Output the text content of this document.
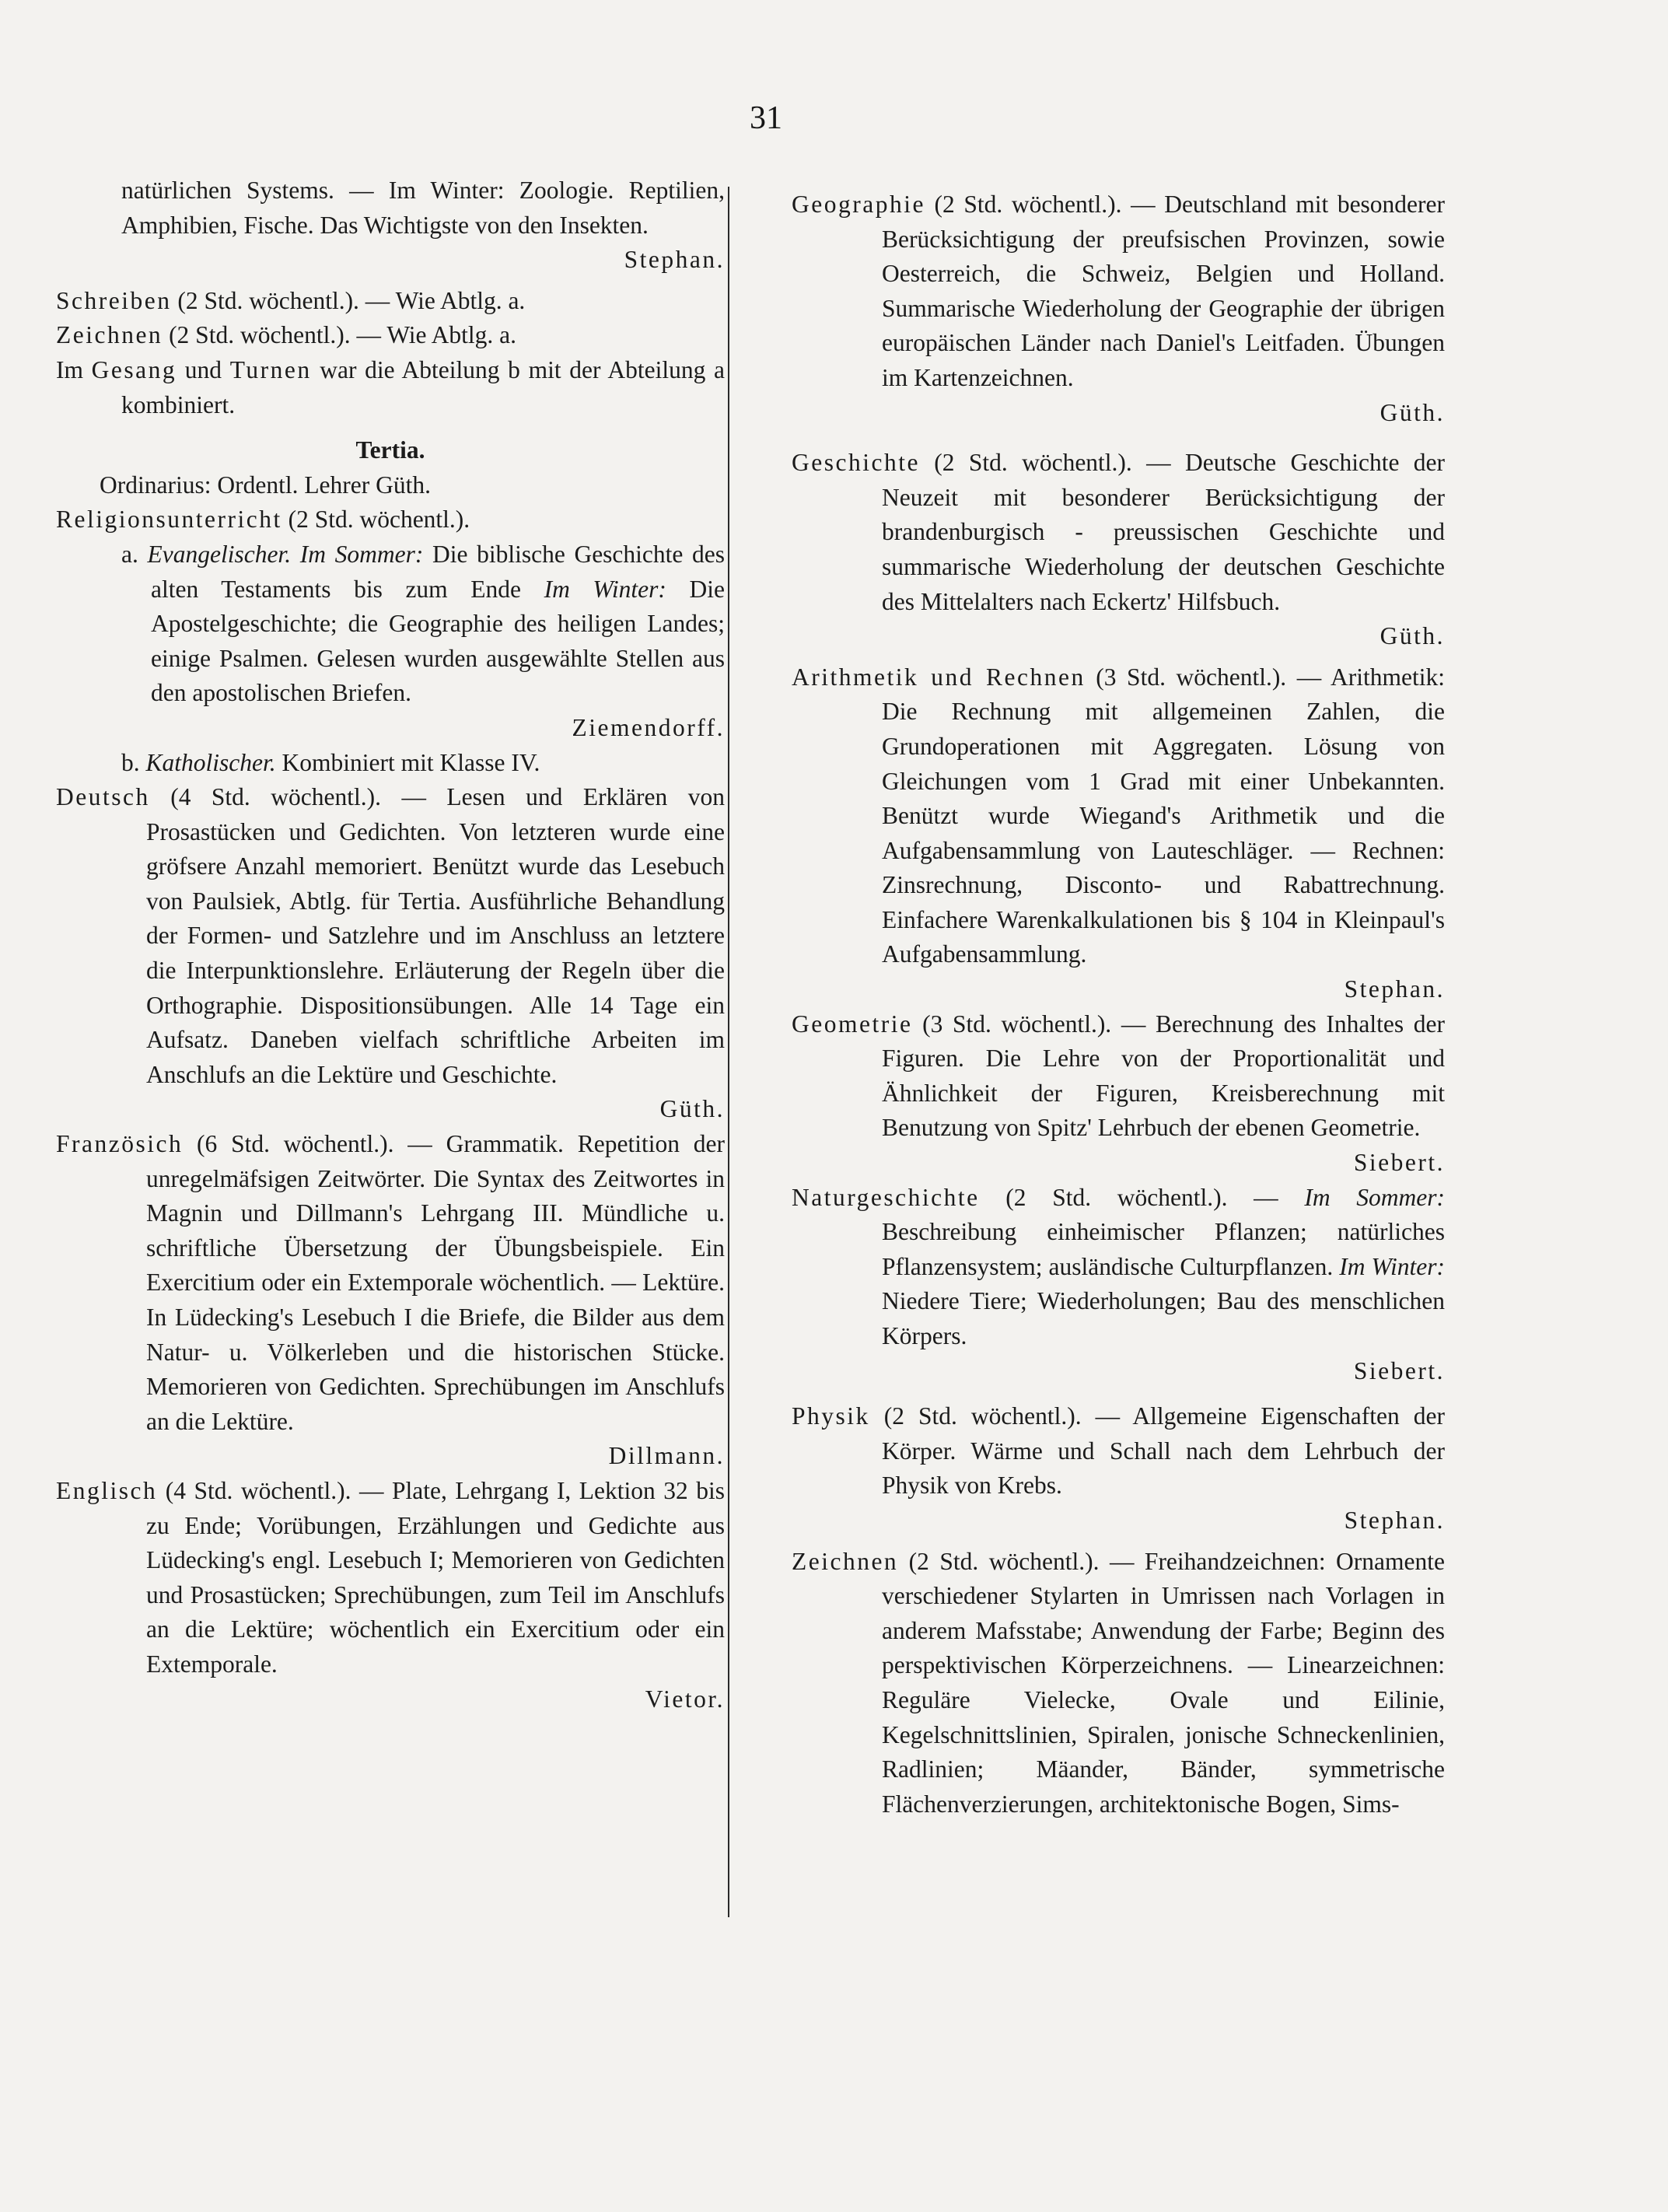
31

natürlichen Systems. — Im Winter: Zoologie. Reptilien, Amphibien, Fische. Das Wichtigste von den Insekten.

Stephan.

Schreiben (2 Std. wöchentl.). — Wie Abtlg. a.

Zeichnen (2 Std. wöchentl.). — Wie Abtlg. a.

Im Gesang und Turnen war die Abteilung b mit der Abteilung a kombiniert.

Tertia.

Ordinarius: Ordentl. Lehrer Güth.

Religionsunterricht (2 Std. wöchentl.).

a. Evangelischer. Im Sommer: Die biblische Geschichte des alten Testaments bis zum Ende Im Winter: Die Apostelgeschichte; die Geographie des heiligen Landes; einige Psalmen. Gelesen wurden ausgewählte Stellen aus den apostolischen Briefen.

Ziemendorff.

b. Katholischer. Kombiniert mit Klasse IV.

Deutsch (4 Std. wöchentl.). — Lesen und Erklären von Prosastücken und Gedichten. Von letzteren wurde eine gröfsere Anzahl memoriert. Benützt wurde das Lesebuch von Paulsiek, Abtlg. für Tertia. Ausführliche Behandlung der Formen- und Satzlehre und im Anschluss an letztere die Interpunktionslehre. Erläuterung der Regeln über die Orthographie. Dispositionsübungen. Alle 14 Tage ein Aufsatz. Daneben vielfach schriftliche Arbeiten im Anschlufs an die Lektüre und Geschichte.

Güth.

Französich (6 Std. wöchentl.). — Grammatik. Repetition der unregelmäfsigen Zeitwörter. Die Syntax des Zeitwortes in Magnin und Dillmann's Lehrgang III. Mündliche u. schriftliche Übersetzung der Übungsbeispiele. Ein Exercitium oder ein Extemporale wöchentlich. — Lektüre. In Lüdecking's Lesebuch I die Briefe, die Bilder aus dem Natur- u. Völkerleben und die historischen Stücke. Memorieren von Gedichten. Sprechübungen im Anschlufs an die Lektüre.

Dillmann.

Englisch (4 Std. wöchentl.). — Plate, Lehrgang I, Lektion 32 bis zu Ende; Vorübungen, Erzählungen und Gedichte aus Lüdecking's engl. Lesebuch I; Memorieren von Gedichten und Prosastücken; Sprechübungen, zum Teil im Anschlufs an die Lektüre; wöchentlich ein Exercitium oder ein Extemporale.

Vietor.

Geographie (2 Std. wöchentl.). — Deutschland mit besonderer Berücksichtigung der preufsischen Provinzen, sowie Oesterreich, die Schweiz, Belgien und Holland. Summarische Wiederholung der Geographie der übrigen europäischen Länder nach Daniel's Leitfaden. Übungen im Kartenzeichnen.

Güth.

Geschichte (2 Std. wöchentl.). — Deutsche Geschichte der Neuzeit mit besonderer Berücksichtigung der brandenburgisch - preussischen Geschichte und summarische Wiederholung der deutschen Geschichte des Mittelalters nach Eckertz' Hilfsbuch.

Güth.

Arithmetik und Rechnen (3 Std. wöchentl.). — Arithmetik: Die Rechnung mit allgemeinen Zahlen, die Grundoperationen mit Aggregaten. Lösung von Gleichungen vom 1 Grad mit einer Unbekannten. Benützt wurde Wiegand's Arithmetik und die Aufgabensammlung von Lauteschläger. — Rechnen: Zinsrechnung, Disconto- und Rabattrechnung. Einfachere Warenkalkulationen bis § 104 in Kleinpaul's Aufgabensammlung.

Stephan.

Geometrie (3 Std. wöchentl.). — Berechnung des Inhaltes der Figuren. Die Lehre von der Proportionalität und Ähnlichkeit der Figuren, Kreisberechnung mit Benutzung von Spitz' Lehrbuch der ebenen Geometrie.

Siebert.

Naturgeschichte (2 Std. wöchentl.). — Im Sommer: Beschreibung einheimischer Pflanzen; natürliches Pflanzensystem; ausländische Culturpflanzen. Im Winter: Niedere Tiere; Wiederholungen; Bau des menschlichen Körpers.

Siebert.

Physik (2 Std. wöchentl.). — Allgemeine Eigenschaften der Körper. Wärme und Schall nach dem Lehrbuch der Physik von Krebs.

Stephan.

Zeichnen (2 Std. wöchentl.). — Freihandzeichnen: Ornamente verschiedener Stylarten in Umrissen nach Vorlagen in anderem Mafsstabe; Anwendung der Farbe; Beginn des perspektivischen Körperzeichnens. — Linearzeichnen: Reguläre Vielecke, Ovale und Eilinie, Kegelschnittslinien, Spiralen, jonische Schneckenlinien, Radlinien; Mäander, Bänder, symmetrische Flächenverzierungen, architektonische Bogen, Sims-
